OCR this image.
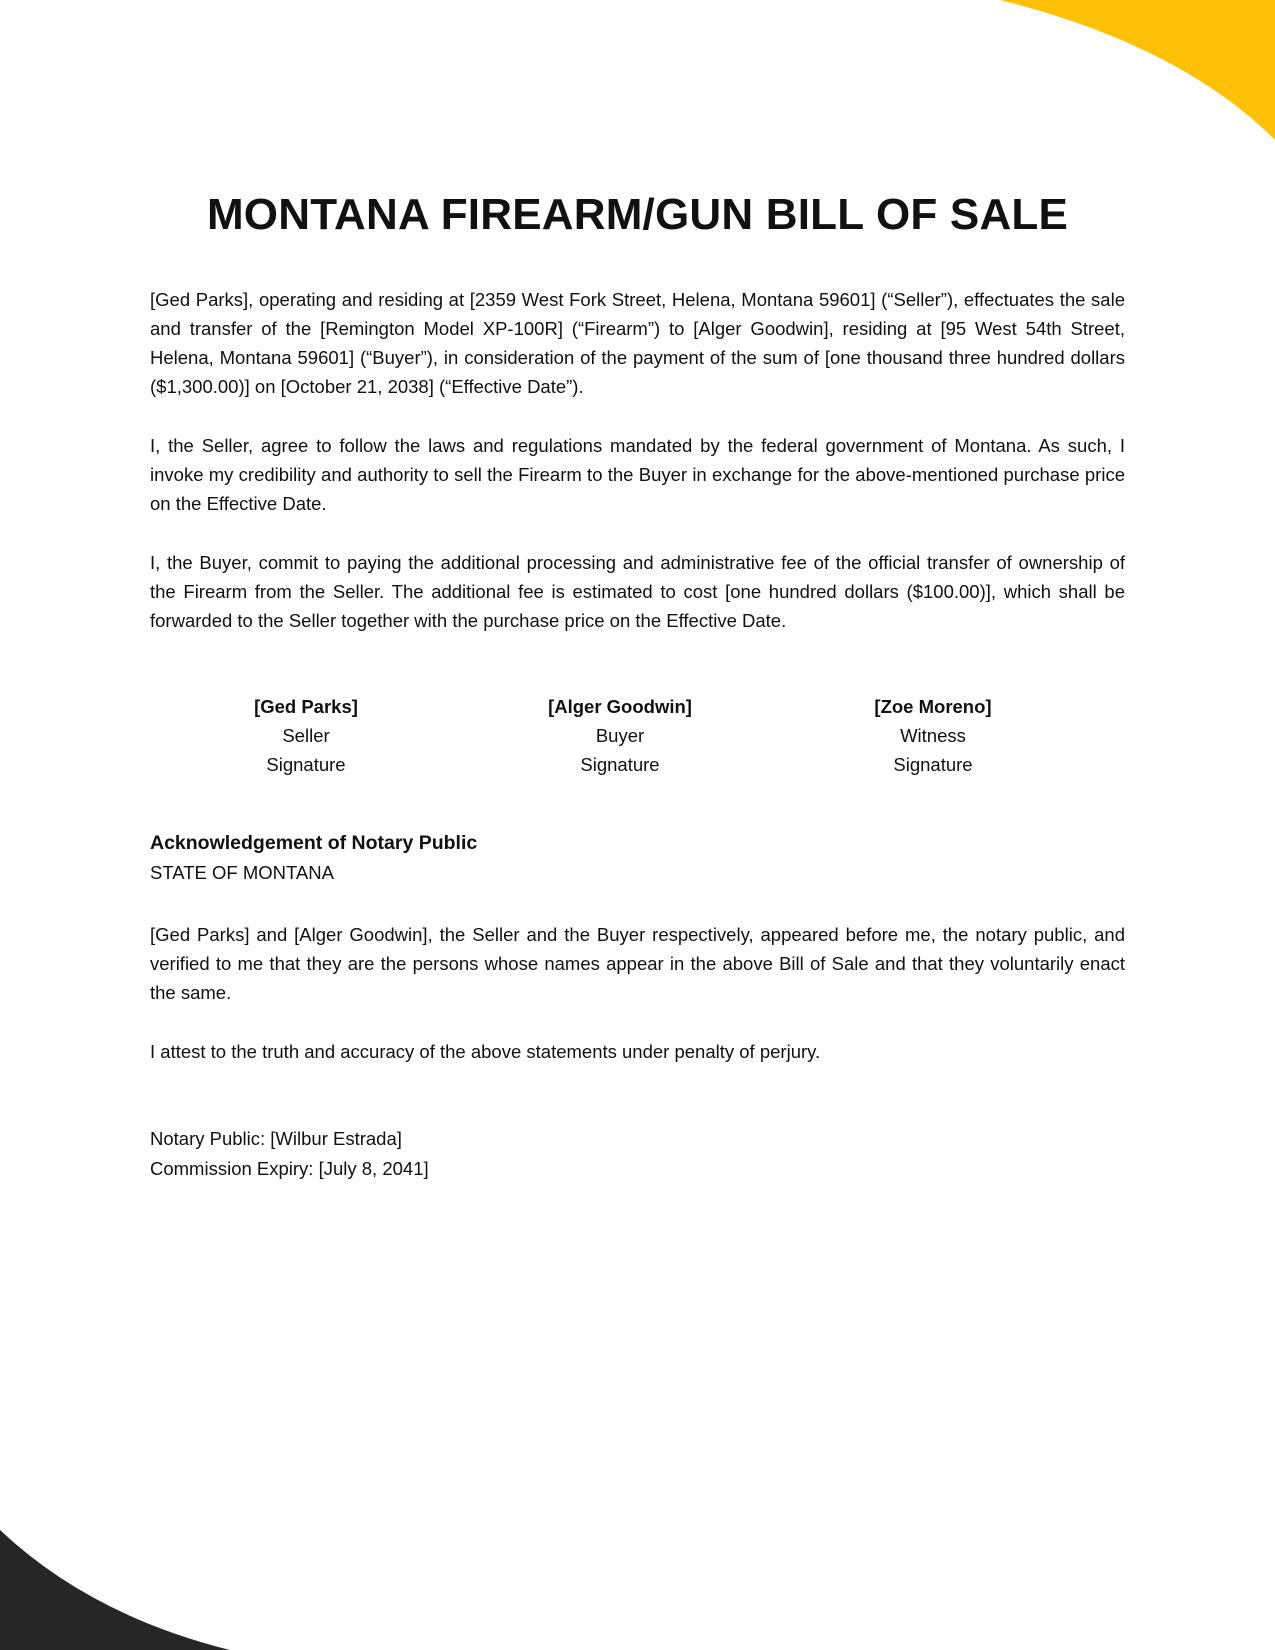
MONTANA FIREARM/GUN BILL OF SALE

[Ged Parks], operating and residing at [2359 West Fork Street, Helena, Montana 59601] (“Seller”), effectuates the sale and transfer of the [Remington Model XP-100R] (“Firearm”) to [Alger Goodwin], residing at [95 West 54th Street, Helena, Montana 59601] (“Buyer”), in consideration of the payment of the sum of [one thousand three hundred dollars ($1,300.00)] on [October 21, 2038] (“Effective Date”).

I, the Seller, agree to follow the laws and regulations mandated by the federal government of Montana. As such, I invoke my credibility and authority to sell the Firearm to the Buyer in exchange for the above-mentioned purchase price on the Effective Date.

I, the Buyer, commit to paying the additional processing and administrative fee of the official transfer of ownership of the Firearm from the Seller. The additional fee is estimated to cost [one hundred dollars ($100.00)], which shall be forwarded to the Seller together with the purchase price on the Effective Date.

[Ged Parks]
Seller
Signature
[Alger Goodwin]
Buyer
Signature
[Zoe Moreno]
Witness
Signature
Acknowledgement of Notary Public

STATE OF MONTANA

[Ged Parks] and [Alger Goodwin], the Seller and the Buyer respectively, appeared before me, the notary public, and verified to me that they are the persons whose names appear in the above Bill of Sale and that they voluntarily enact the same.

I attest to the truth and accuracy of the above statements under penalty of perjury.

Notary Public: [Wilbur Estrada]
Commission Expiry: [July 8, 2041]
